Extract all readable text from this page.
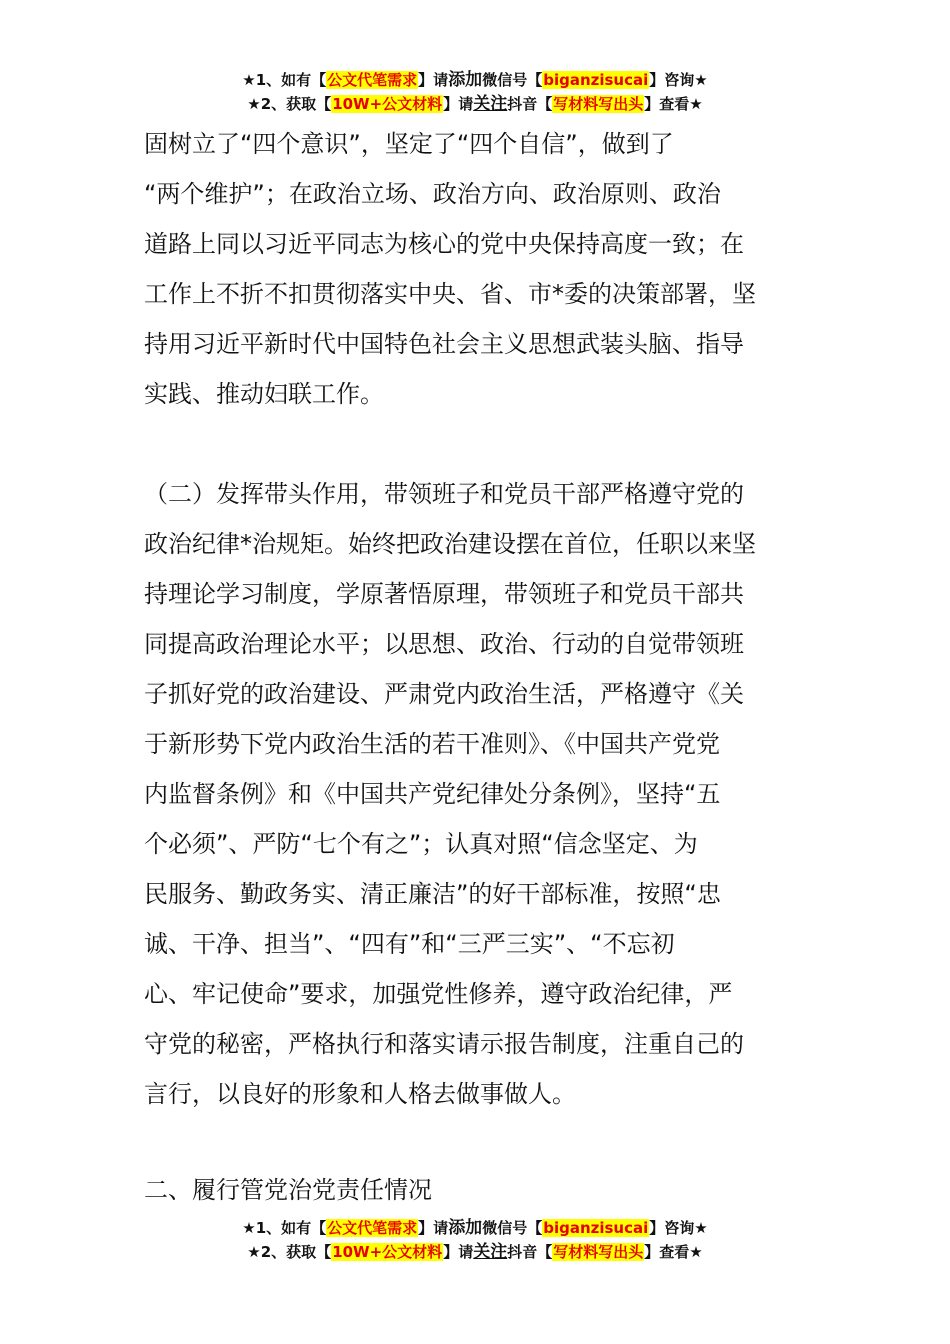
★1、如有【公文代笔需求】请添加微信号【biganzisucai】咨询★
★2、获取【10W+公文材料】请关注抖音【写材料写出头】查看★
固树立了“四个意识”，坚定了“四个自信”，做到了
“两个维护”；在政治立场、政治方向、政治原则、政治
道路上同以习近平同志为核心的党中央保持高度一致；在
工作上不折不扣贯彻落实中央、省、市*委的决策部署，坚
持用习近平新时代中国特色社会主义思想武装头脑、指导
实践、推动妇联工作。
（二）发挥带头作用，带领班子和党员干部严格遵守党的
政治纪律*治规矩。始终把政治建设摆在首位，任职以来坚
持理论学习制度，学原著悟原理，带领班子和党员干部共
同提高政治理论水平；以思想、政治、行动的自觉带领班
子抓好党的政治建设、严肃党内政治生活，严格遵守《关
于新形势下党内政治生活的若干准则》、《中国共产党党
内监督条例》和《中国共产党纪律处分条例》，坚持“五
个必须”、严防“七个有之”；认真对照“信念坚定、为
民服务、勤政务实、清正廉洁”的好干部标准，按照“忠
诚、干净、担当”、“四有”和“三严三实”、“不忘初
心、牢记使命”要求，加强党性修养，遵守政治纪律，严
守党的秘密，严格执行和落实请示报告制度，注重自己的
言行，以良好的形象和人格去做事做人。
二、履行管党治党责任情况
★1、如有【公文代笔需求】请添加微信号【biganzisucai】咨询★
★2、获取【10W+公文材料】请关注抖音【写材料写出头】查看★
